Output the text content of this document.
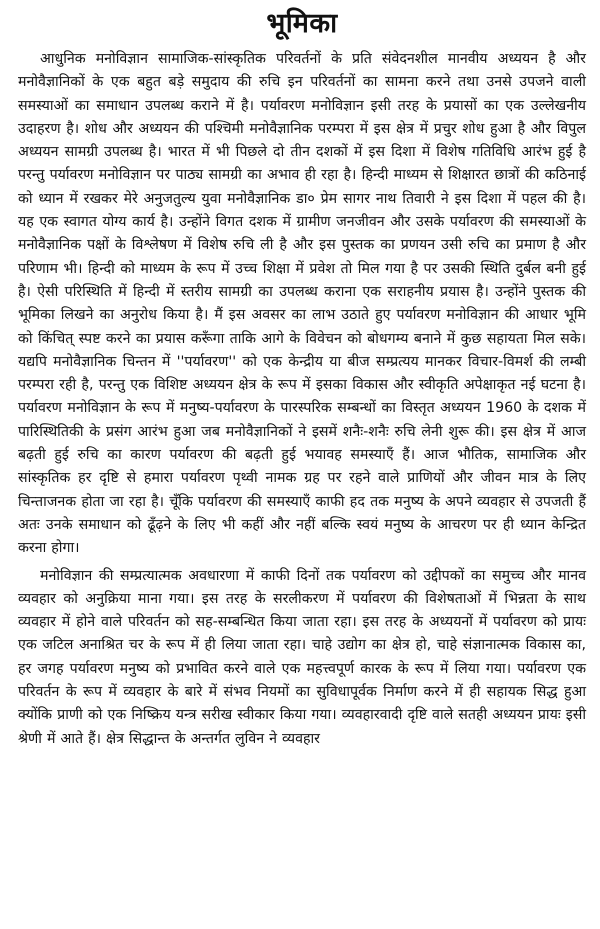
भूमिका

आधुनिक मनोविज्ञान सामाजिक-सांस्कृतिक परिवर्तनों के प्रति संवेदनशील मानवीय अध्ययन है और मनोवैज्ञानिकों के एक बहुत बड़े समुदाय की रुचि इन परिवर्तनों का सामना करने तथा उनसे उपजने वाली समस्याओं का समाधान उपलब्ध कराने में है। पर्यावरण मनोविज्ञान इसी तरह के प्रयासों का एक उल्लेखनीय उदाहरण है। शोध और अध्ययन की पश्चिमी मनोवैज्ञानिक परम्परा में इस क्षेत्र में प्रचुर शोध हुआ है और विपुल अध्ययन सामग्री उपलब्ध है। भारत में भी पिछले दो तीन दशकों में इस दिशा में विशेष गतिविधि आरंभ हुई है परन्तु पर्यावरण मनोविज्ञान पर पाठ्य सामग्री का अभाव ही रहा है। हिन्दी माध्यम से शिक्षारत छात्रों की कठिनाई को ध्यान में रखकर मेरे अनुजतुल्य युवा मनोवैज्ञानिक डा० प्रेम सागर नाथ तिवारी ने इस दिशा में पहल की है। यह एक स्वागत योग्य कार्य है। उन्होंने विगत दशक में ग्रामीण जनजीवन और उसके पर्यावरण की समस्याओं के मनोवैज्ञानिक पक्षों के विश्लेषण में विशेष रुचि ली है और इस पुस्तक का प्रणयन उसी रुचि का प्रमाण है और परिणाम भी। हिन्दी को माध्यम के रूप में उच्च शिक्षा में प्रवेश तो मिल गया है पर उसकी स्थिति दुर्बल बनी हुई है। ऐसी परिस्थिति में हिन्दी में स्तरीय सामग्री का उपलब्ध कराना एक सराहनीय प्रयास है। उन्होंने पुस्तक की भूमिका लिखने का अनुरोध किया है। मैं इस अवसर का लाभ उठाते हुए पर्यावरण मनोविज्ञान की आधार भूमि को किंचित् स्पष्ट करने का प्रयास करूँगा ताकि आगे के विवेचन को बोधगम्य बनाने में कुछ सहायता मिल सके। यद्यपि मनोवैज्ञानिक चिन्तन में ''पर्यावरण'' को एक केन्द्रीय या बीज सम्प्रत्यय मानकर विचार-विमर्श की लम्बी परम्परा रही है, परन्तु एक विशिष्ट अध्ययन क्षेत्र के रूप में इसका विकास और स्वीकृति अपेक्षाकृत नई घटना है। पर्यावरण मनोविज्ञान के रूप में मनुष्य-पर्यावरण के पारस्परिक सम्बन्धों का विस्तृत अध्ययन 1960 के दशक में पारिस्थितिकी के प्रसंग आरंभ हुआ जब मनोवैज्ञानिकों ने इसमें शनैः-शनैः रुचि लेनी शुरू की। इस क्षेत्र में आज बढ़ती हुई रुचि का कारण पर्यावरण की बढ़ती हुई भयावह समस्याएँ हैं। आज भौतिक, सामाजिक और सांस्कृतिक हर दृष्टि से हमारा पर्यावरण पृथ्वी नामक ग्रह पर रहने वाले प्राणियों और जीवन मात्र के लिए चिन्ताजनक होता जा रहा है। चूँकि पर्यावरण की समस्याएँ काफी हद तक मनुष्य के अपने व्यवहार से उपजती हैं अतः उनके समाधान को ढूँढ़ने के लिए भी कहीं और नहीं बल्कि स्वयं मनुष्य के आचरण पर ही ध्यान केन्द्रित करना होगा।

मनोविज्ञान की सम्प्रत्यात्मक अवधारणा में काफी दिनों तक पर्यावरण को उद्दीपकों का समुच्च और मानव व्यवहार को अनुक्रिया माना गया। इस तरह के सरलीकरण में पर्यावरण की विशेषताओं में भिन्नता के साथ व्यवहार में होने वाले परिवर्तन को सह-सम्बन्धित किया जाता रहा। इस तरह के अध्ययनों में पर्यावरण को प्रायः एक जटिल अनाश्रित चर के रूप में ही लिया जाता रहा। चाहे उद्योग का क्षेत्र हो, चाहे संज्ञानात्मक विकास का, हर जगह पर्यावरण मनुष्य को प्रभावित करने वाले एक महत्त्वपूर्ण कारक के रूप में लिया गया। पर्यावरण एक परिवर्तन के रूप में व्यवहार के बारे में संभव नियमों का सुविधापूर्वक निर्माण करने में ही सहायक सिद्ध हुआ क्योंकि प्राणी को एक निष्क्रिय यन्त्र सरीख स्वीकार किया गया। व्यवहारवादी दृष्टि वाले सतही अध्ययन प्रायः इसी श्रेणी में आते हैं। क्षेत्र सिद्धान्त के अन्तर्गत लुविन ने व्यवहार
